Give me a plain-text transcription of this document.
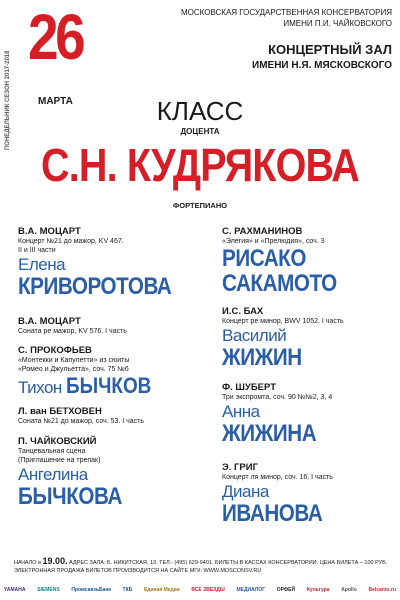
26
МАРТА
ПОНЕДЕЛЬНИК СЕЗОН 2017-2018
МОСКОВСКАЯ ГОСУДАРСТВЕННАЯ КОНСЕРВАТОРИЯ
ИМЕНИ П.И. ЧАЙКОВСКОГО
КОНЦЕРТНЫЙ ЗАЛ
ИМЕНИ Н.Я. МЯСКОВСКОГО
КЛАСС
ДОЦЕНТА
С.Н. КУДРЯКОВА
ФОРТЕПИАНО
В.А. МОЦАРТ
Концерт №21 до мажор, KV 467.
II и III части
Елена
КРИВОРОТОВА
В.А. МОЦАРТ
Соната ре мажор, KV 576. I часть
С. ПРОКОФЬЕВ
«Монтекки и Капулетти» из сюиты
«Ромео и Джульетта», соч. 75 №6
Тихон БЫЧКОВ
Л. ван БЕТХОВЕН
Соната №21 до мажор, соч. 53. I часть
П. ЧАЙКОВСКИЙ
Танцевальная сцена
(Приглашение на трепак)
Ангелина
БЫЧКОВА
С. РАХМАНИНОВ
«Элегия» и «Прелюдия», соч. 3
РИСАКО
САКАМОТО
И.С. БАХ
Концерт ре минор, BWV 1052. I часть
Василий
ЖИЖИН
Ф. ШУБЕРТ
Три экспромта, соч. 90 №№2, 3, 4
Анна
ЖИЖИНА
Э. ГРИГ
Концерт ля минор, соч. 16. I часть
Диана
ИВАНОВА
НАЧАЛО в 19.00. АДРЕС ЗАЛА: Б. НИКИТСКАЯ, 13. ТЕЛ.: (495) 629-9401. БИЛЕТЫ В КАССАХ КОНСЕРВАТОРИИ. ЦЕНА БИЛЕТА – 100 РУБ.
ЭЛЕКТРОННАЯ ПРОДАЖА БИЛЕТОВ ПРОИЗВОДИТСЯ НА САЙТЕ МГК: WWW.MOSCONSV.RU
YAMAHA SIEMENS ПромсвязьБанк ТКБ Единая Медиа ВСЕ ЗВЕЗДЫ МЕДИАЛОГ ОРФЕЙ Культура Apollo Belcanto.ru
